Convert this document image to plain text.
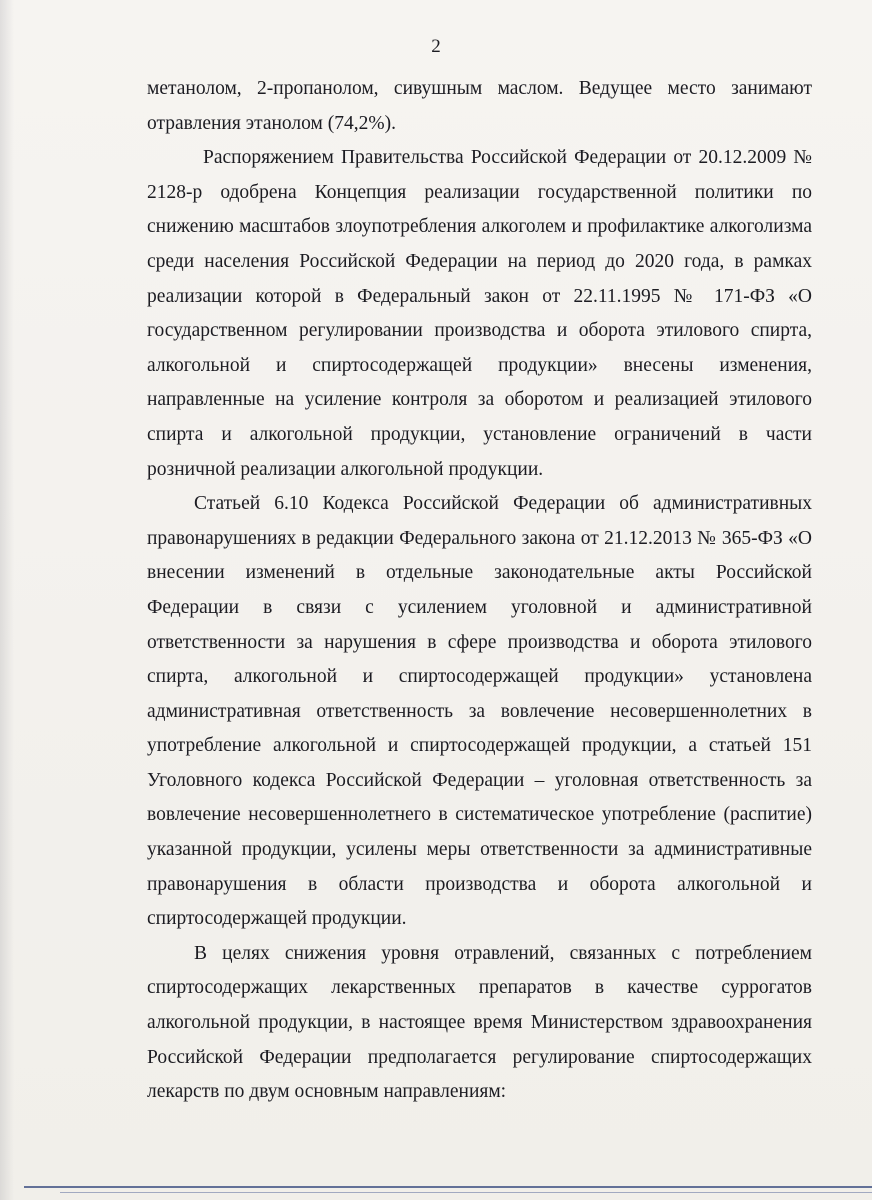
2

метанолом, 2-пропанолом, сивушным маслом. Ведущее место занимают отравления этанолом (74,2%).

Распоряжением Правительства Российской Федерации от 20.12.2009 № 2128-р одобрена Концепция реализации государственной политики по снижению масштабов злоупотребления алкоголем и профилактике алкоголизма среди населения Российской Федерации на период до 2020 года, в рамках реализации которой в Федеральный закон от 22.11.1995 № 171-ФЗ «О государственном регулировании производства и оборота этилового спирта, алкогольной и спиртосодержащей продукции» внесены изменения, направленные на усиление контроля за оборотом и реализацией этилового спирта и алкогольной продукции, установление ограничений в части розничной реализации алкогольной продукции.

Статьей 6.10 Кодекса Российской Федерации об административных правонарушениях в редакции Федерального закона от 21.12.2013 № 365-ФЗ «О внесении изменений в отдельные законодательные акты Российской Федерации в связи с усилением уголовной и административной ответственности за нарушения в сфере производства и оборота этилового спирта, алкогольной и спиртосодержащей продукции» установлена административная ответственность за вовлечение несовершеннолетних в употребление алкогольной и спиртосодержащей продукции, а статьей 151 Уголовного кодекса Российской Федерации – уголовная ответственность за вовлечение несовершеннолетнего в систематическое употребление (распитие) указанной продукции, усилены меры ответственности за административные правонарушения в области производства и оборота алкогольной и спиртосодержащей продукции.

В целях снижения уровня отравлений, связанных с потреблением спиртосодержащих лекарственных препаратов в качестве суррогатов алкогольной продукции, в настоящее время Министерством здравоохранения Российской Федерации предполагается регулирование спиртосодержащих лекарств по двум основным направлениям:
